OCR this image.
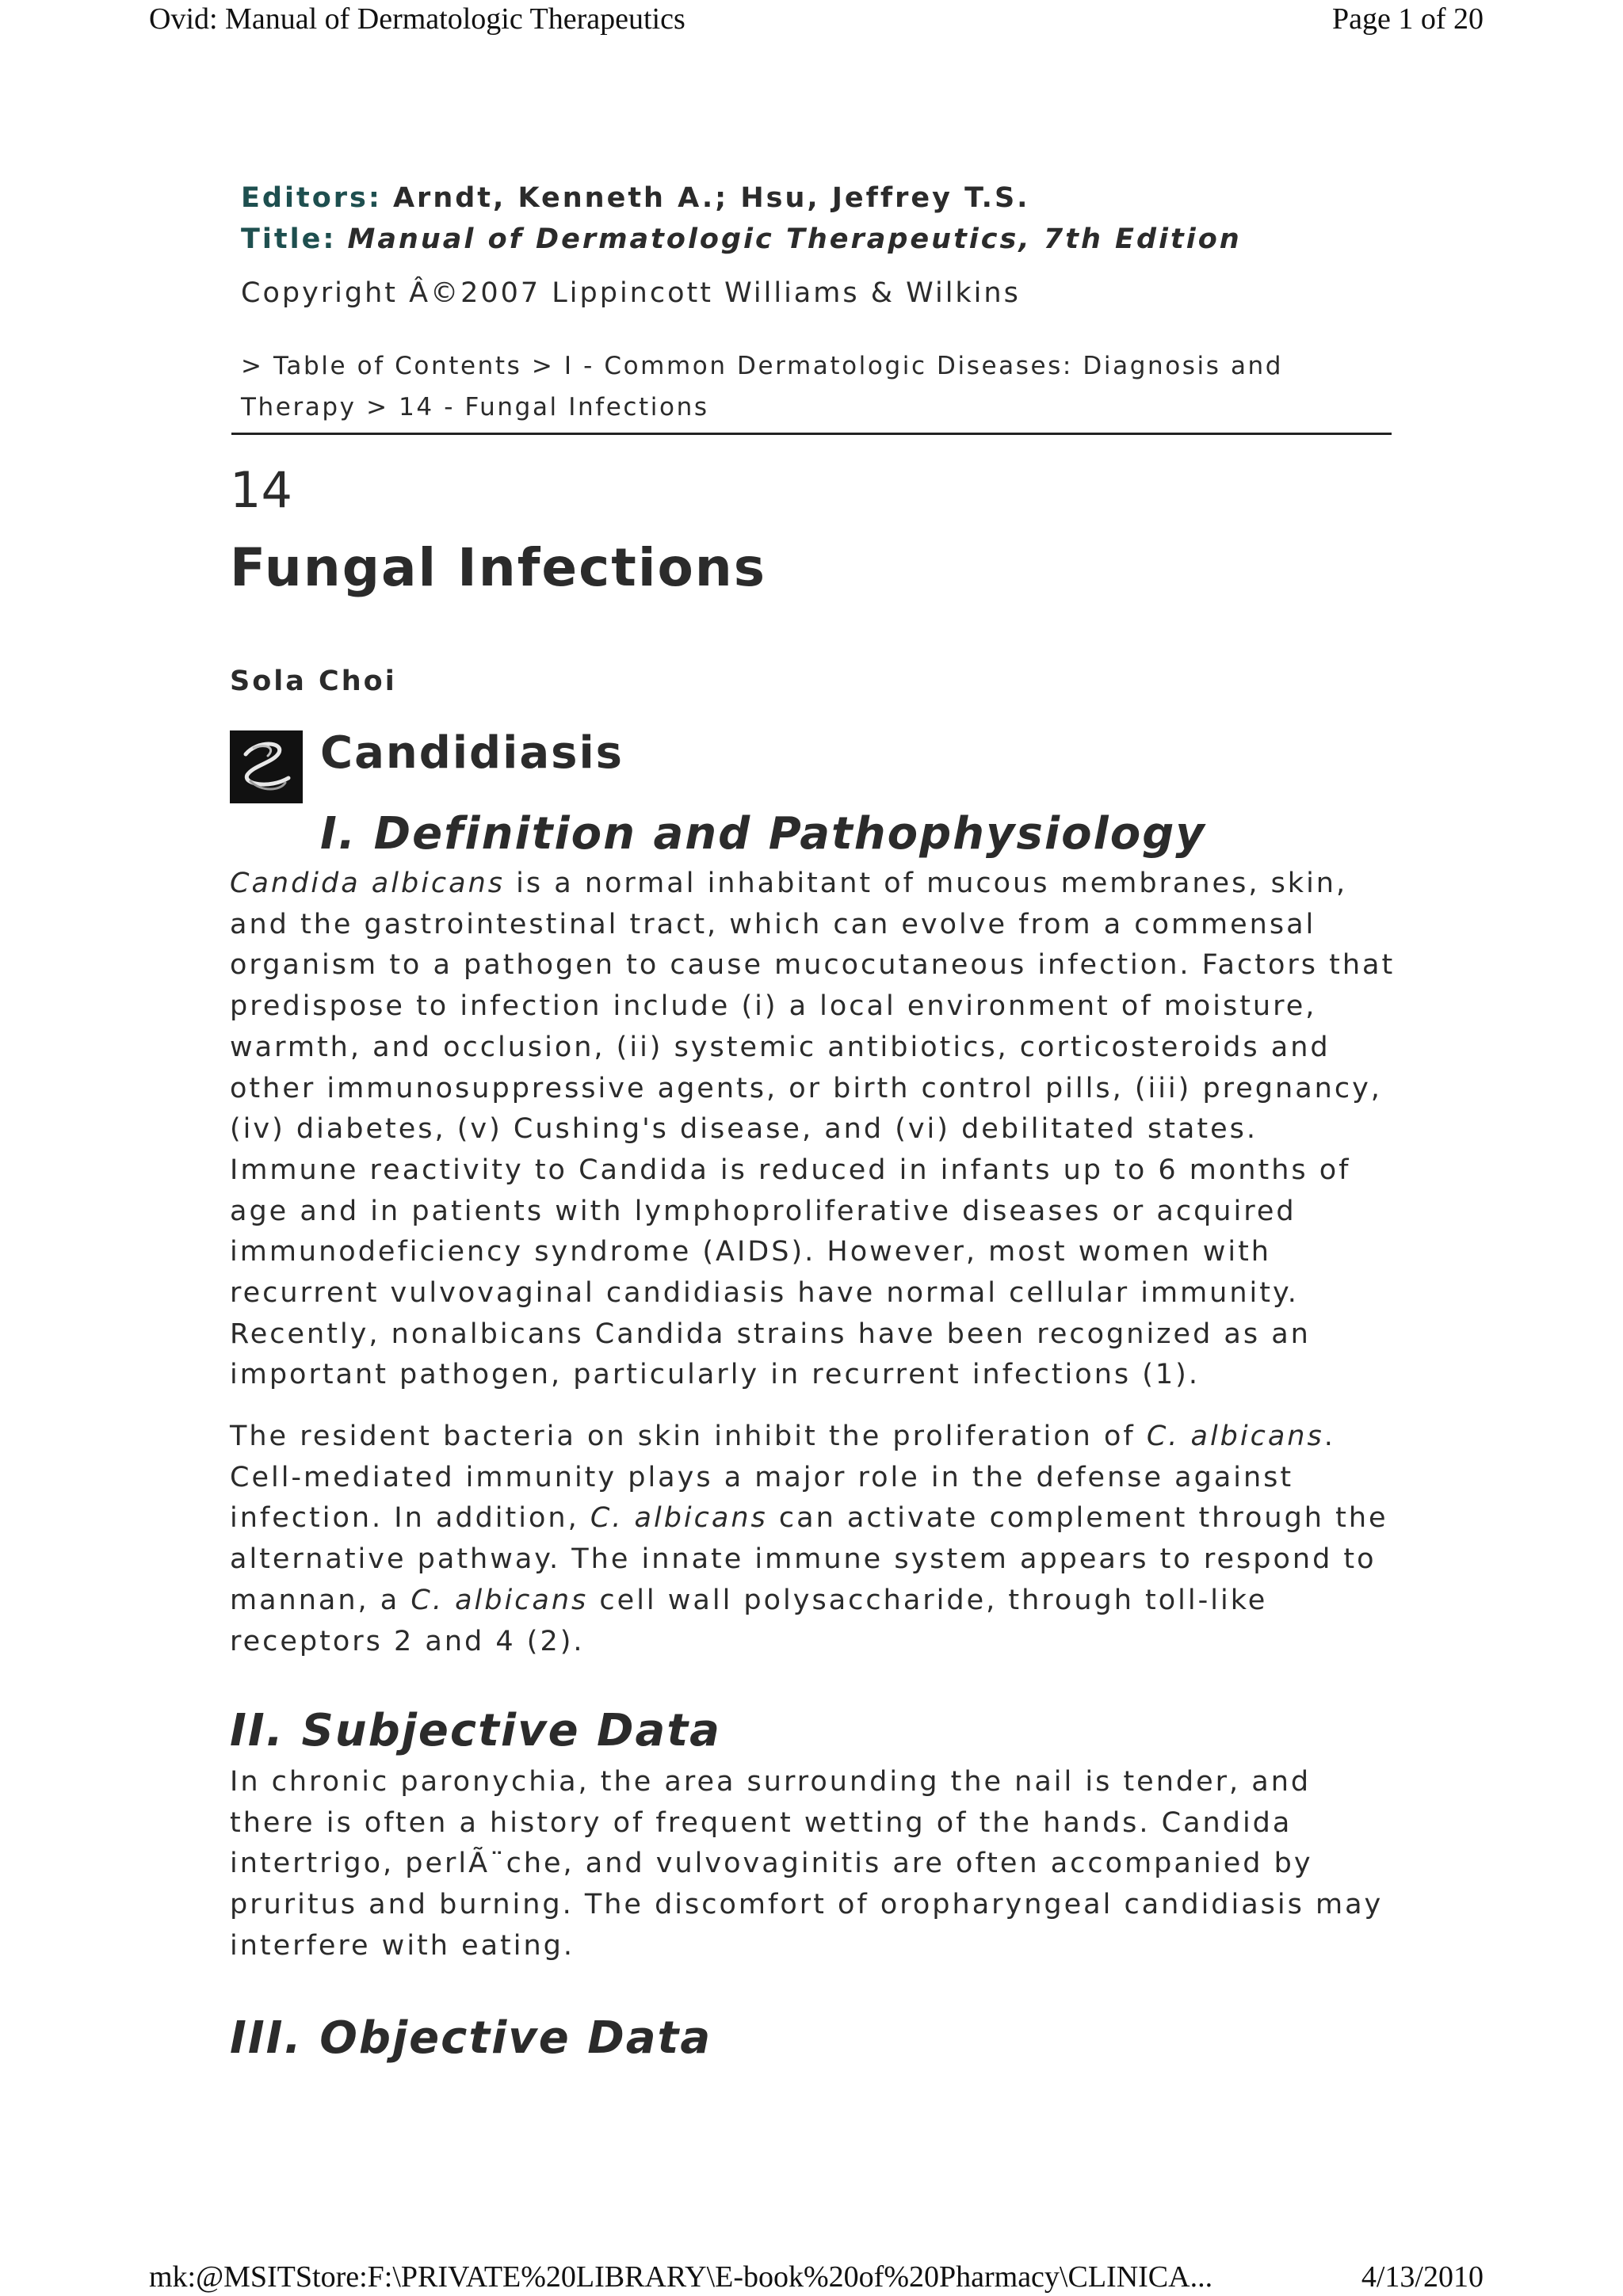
Ovid: Manual of Dermatologic Therapeutics	Page 1 of 20
Editors: Arndt, Kenneth A.; Hsu, Jeffrey T.S.
Title: Manual of Dermatologic Therapeutics, 7th Edition
Copyright Â©2007 Lippincott Williams & Wilkins
> Table of Contents > I - Common Dermatologic Diseases: Diagnosis and
Therapy > 14 - Fungal Infections
14
Fungal Infections
Sola Choi
Candidiasis
I. Definition and Pathophysiology
Candida albicans is a normal inhabitant of mucous membranes, skin,
and the gastrointestinal tract, which can evolve from a commensal
organism to a pathogen to cause mucocutaneous infection. Factors that
predispose to infection include (i) a local environment of moisture,
warmth, and occlusion, (ii) systemic antibiotics, corticosteroids and
other immunosuppressive agents, or birth control pills, (iii) pregnancy,
(iv) diabetes, (v) Cushing's disease, and (vi) debilitated states.
Immune reactivity to Candida is reduced in infants up to 6 months of
age and in patients with lymphoproliferative diseases or acquired
immunodeficiency syndrome (AIDS). However, most women with
recurrent vulvovaginal candidiasis have normal cellular immunity.
Recently, nonalbicans Candida strains have been recognized as an
important pathogen, particularly in recurrent infections (1).
The resident bacteria on skin inhibit the proliferation of C. albicans.
Cell-mediated immunity plays a major role in the defense against
infection. In addition, C. albicans can activate complement through the
alternative pathway. The innate immune system appears to respond to
mannan, a C. albicans cell wall polysaccharide, through toll-like
receptors 2 and 4 (2).
II. Subjective Data
In chronic paronychia, the area surrounding the nail is tender, and
there is often a history of frequent wetting of the hands. Candida
intertrigo, perlÃ¨che, and vulvovaginitis are often accompanied by
pruritus and burning. The discomfort of oropharyngeal candidiasis may
interfere with eating.
III. Objective Data
mk:@MSITStore:F:\PRIVATE%20LIBRARY\E-book%20of%20Pharmacy\CLINICA...	4/13/2010
